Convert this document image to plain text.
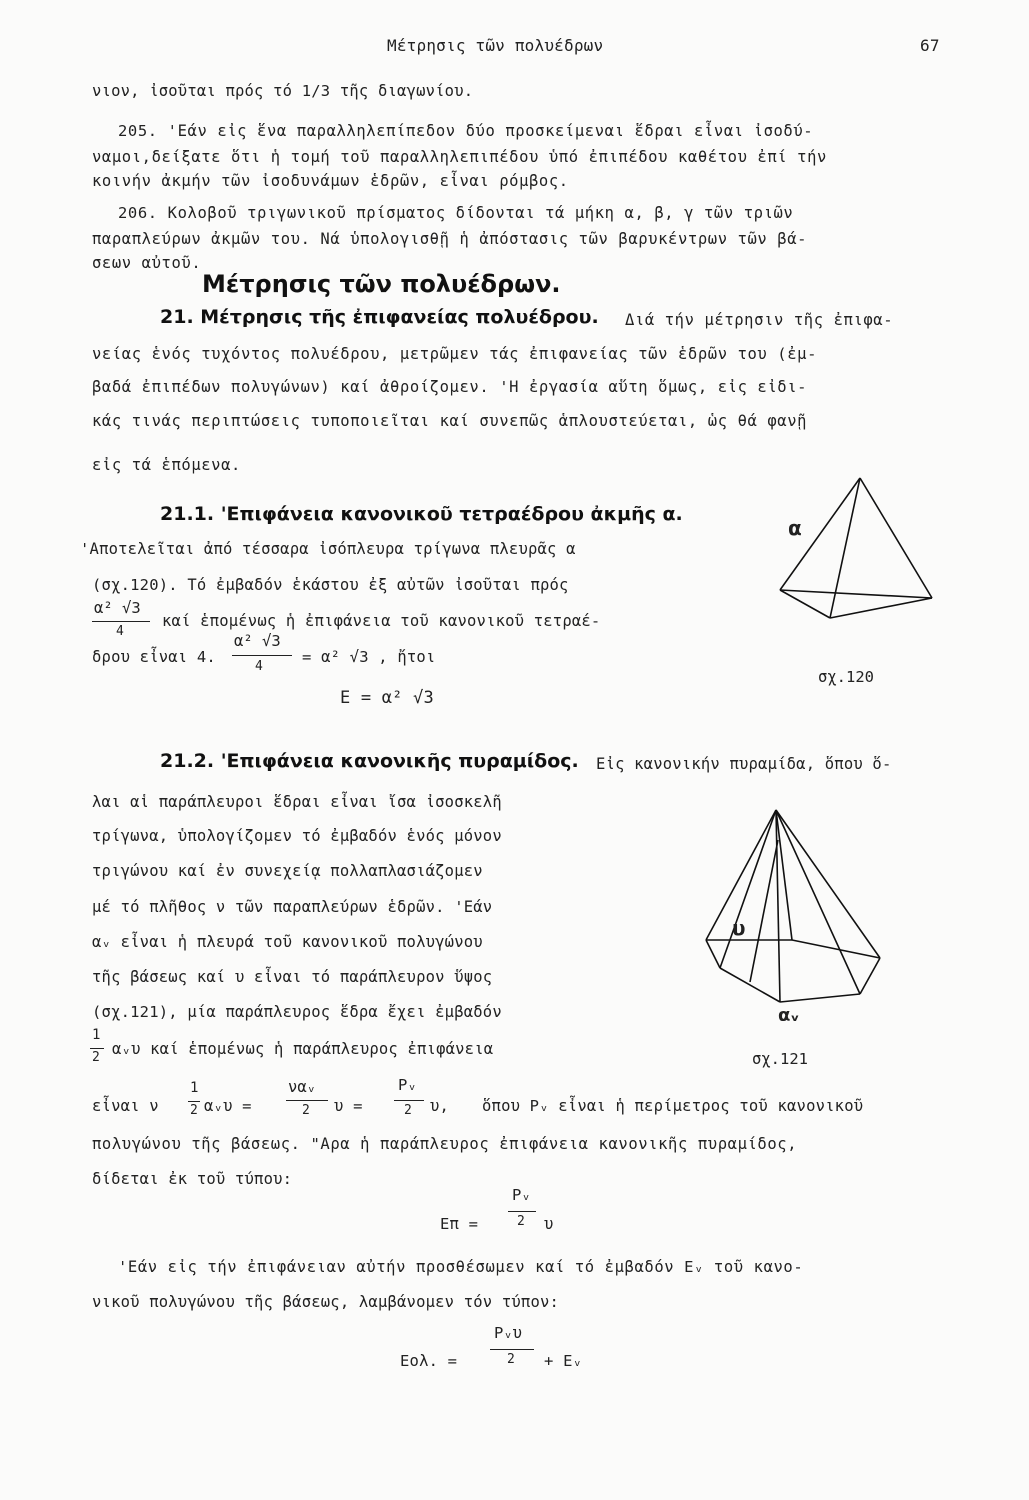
Μέτρησις τῶν πολυέδρων	67
νιον, ἰσοῦται πρός τό 1/3 τῆς διαγωνίου.
205. 'Εάν εἰς ἕνα παραλληλεπίπεδον δύο προσκείμεναι ἕδραι εἶναι ἰσοδύ-
ναμοι,δείξατε ὅτι ἡ τομή τοῦ παραλληλεπιπέδου ὑπό ἐπιπέδου καθέτου ἐπί τήν
κοινήν ἀκμήν τῶν ἰσοδυνάμων ἑδρῶν, εἶναι ρόμβος.
206. Κολοβοῦ τριγωνικοῦ πρίσματος δίδονται τά μήκη α, β, γ τῶν τριῶν
παραπλεύρων ἀκμῶν του. Νά ὑπολογισθῇ ἡ ἀπόστασις τῶν βαρυκέντρων τῶν βά-
σεων αὐτοῦ.
Μέτρησις τῶν πολυέδρων.
21. Μέτρησις τῆς ἐπιφανείας πολυέδρου. Διά τήν μέτρησιν τῆς ἐπιφα-
νείας ἑνός τυχόντος πολυέδρου, μετρῶμεν τάς ἐπιφανείας τῶν ἑδρῶν του (ἐμ-
βαδά ἐπιπέδων πολυγώνων) καί ἀθροίζομεν. 'Η ἐργασία αὕτη ὅμως, εἰς εἰδι-
κάς τινάς περιπτώσεις τυποποιεῖται καί συνεπῶς ἁπλουστεύεται, ὡς θά φανῇ
εἰς τά ἑπόμενα.
21.1. 'Επιφάνεια κανονικοῦ τετραέδρου ἀκμῆς α.
'Αποτελεῖται ἀπό τέσσαρα ἰσόπλευρα τρίγωνα πλευρᾶς α
(σχ.120). Τό ἐμβαδόν ἑκάστου ἐξ αὐτῶν ἰσοῦται πρός
α² √3
4
καί ἑπομένως ἡ ἐπιφάνεια τοῦ κανονικοῦ τετραέ-
δρου εἶναι 4.
α² √3
4
= α² √3 , ἤτοι
E = α² √3
α
σχ.120
21.2. 'Επιφάνεια κανονικῆς πυραμίδος. Εἰς κανονικήν πυραμίδα, ὅπου ὅ-
λαι αἱ παράπλευροι ἕδραι εἶναι ἴσα ἰσοσκελῆ
τρίγωνα, ὑπολογίζομεν τό ἐμβαδόν ἑνός μόνον
τριγώνου καί ἐν συνεχείᾳ πολλαπλασιάζομεν
μέ τό πλῆθος ν τῶν παραπλεύρων ἑδρῶν. 'Εάν
αᵥ εἶναι ἡ πλευρά τοῦ κανονικοῦ πολυγώνου
τῆς βάσεως καί υ εἶναι τό παράπλευρον ὕψος
(σχ.121), μία παράπλευρος ἕδρα ἔχει ἐμβαδόν
1
2 αᵥυ καί ἑπομένως ἡ παράπλευρος ἐπιφάνεια
υ
αᵥ
σχ.121
εἶναι ν
1
2 αᵥυ =
ναᵥ
2 υ =
Pᵥ
2 υ, ὅπου Pᵥ εἶναι ἡ περίμετρος τοῦ κανονικοῦ
πολυγώνου τῆς βάσεως. "Αρα ἡ παράπλευρος ἐπιφάνεια κανονικῆς πυραμίδος,
δίδεται ἐκ τοῦ τύπου:
Eπ =
Pᵥ
2 υ
'Εάν εἰς τήν ἐπιφάνειαν αὐτήν προσθέσωμεν καί τό ἐμβαδόν Eᵥ τοῦ κανο-
νικοῦ πολυγώνου τῆς βάσεως, λαμβάνομεν τόν τύπον:
Eολ. =
Pᵥυ
2 + Eᵥ
